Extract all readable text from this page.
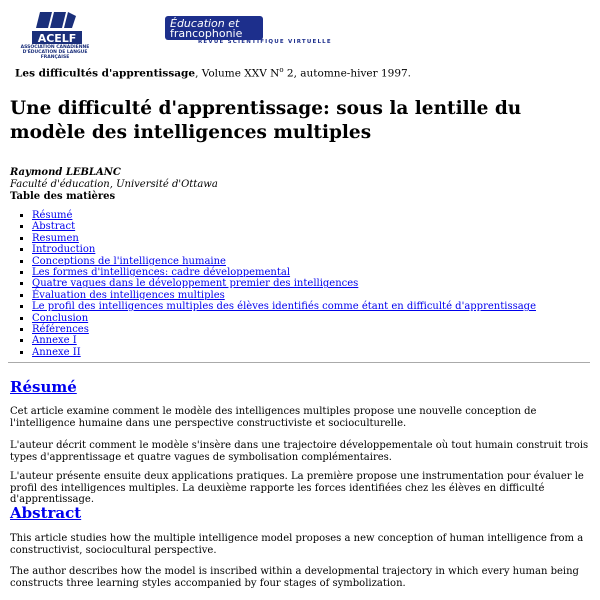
ACELF
ASSOCIATION CANADIENNE
D'ÉDUCATION DE LANGUE FRANÇAISE
Éducation et
francophonie
REVUE SCIENTIFIQUE VIRTUELLE
Les difficultés d'apprentissage, Volume XXV $N^o$ 2, automne-hiver 1997.
Une difficulté d'apprentissage: sous la lentille du modèle des intelligences multiples
Raymond LEBLANC
Faculté d'éducation, Université d'Ottawa
Table des matières
▪ Résumé
▪ Abstract
▪ Resumen
▪ Introduction
▪ Conceptions de l'intelligence humaine
▪ Les formes d'intelligences: cadre développemental
▪ Quatre vagues dans le développement premier des intelligences
▪ Évaluation des intelligences multiples
▪ Le profil des intelligences multiples des élèves identifiés comme étant en difficulté d'apprentissage
▪ Conclusion
▪ Références
▪ Annexe I
▪ Annexe II
Résumé

Cet article examine comment le modèle des intelligences multiples propose une nouvelle conception de l'intelligence humaine dans une perspective constructiviste et socioculturelle.

L'auteur décrit comment le modèle s'insère dans une trajectoire développementale où tout humain construit trois types d'apprentissage et quatre vagues de symbolisation complémentaires.

L'auteur présente ensuite deux applications pratiques. La première propose une instrumentation pour évaluer le profil des intelligences multiples. La deuxième rapporte les forces identifiées chez les élèves en difficulté d'apprentissage.

Abstract

This article studies how the multiple intelligence model proposes a new conception of human intelligence from a constructivist, sociocultural perspective.

The author describes how the model is inscribed within a developmental trajectory in which every human being constructs three learning styles accompanied by four stages of symbolization.
